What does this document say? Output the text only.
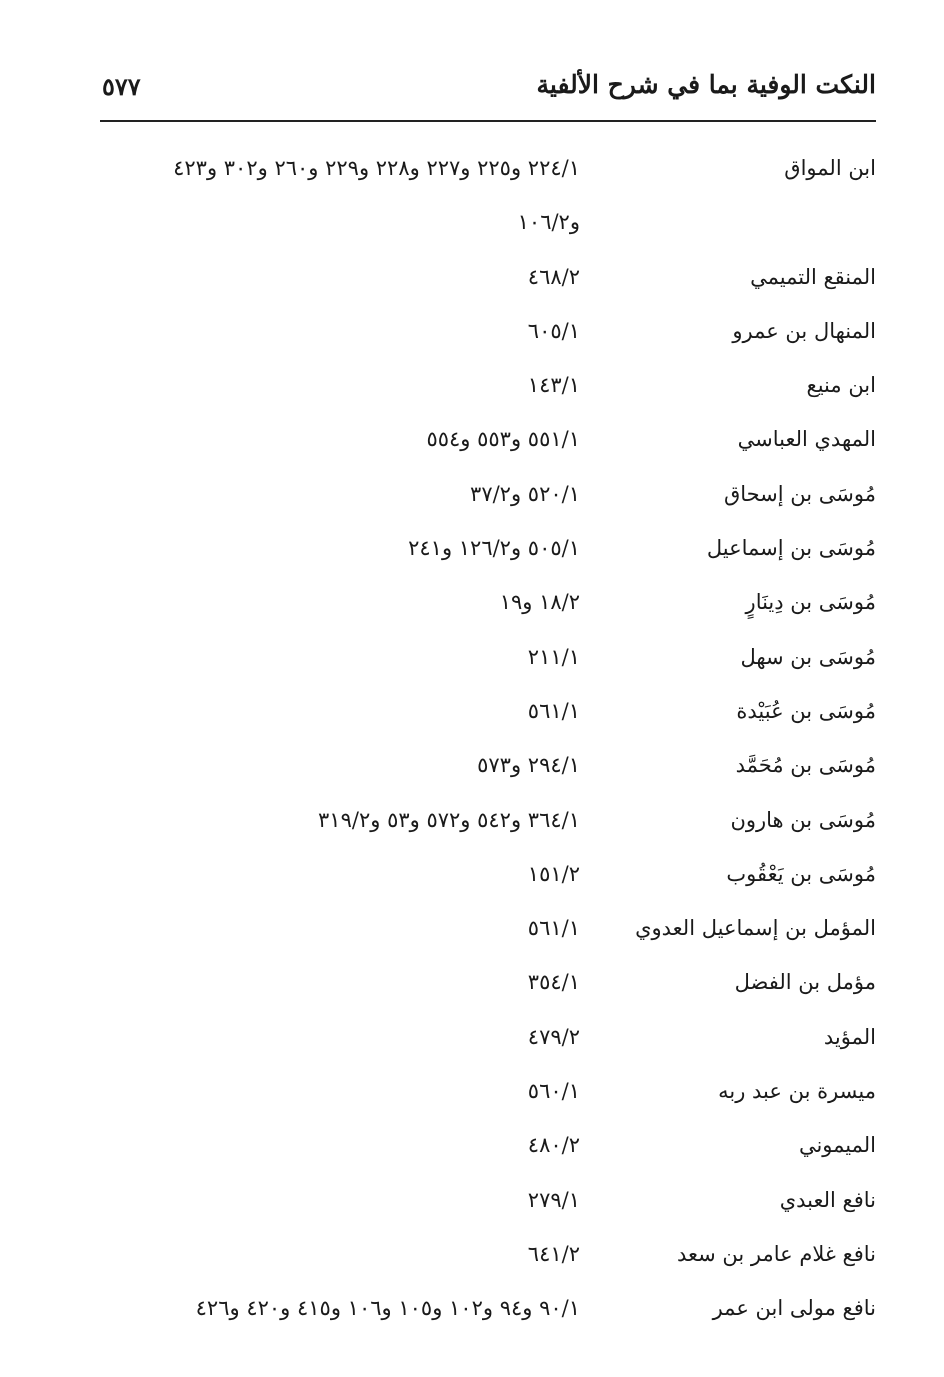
النكت الوفية بما في شرح الألفية
٥٧٧
ابن المواق
٢٢٤/١ و٢٢٥ و٢٢٧ و٢٢٨ و٢٢٩ و٢٦٠ و٣٠٢ و٤٢٣
و١٠٦/٢
المنقع التميمي
٤٦٨/٢
المنهال بن عمرو
٦٠٥/١
ابن منيع
١٤٣/١
المهدي العباسي
٥٥١/١ و٥٥٣ و٥٥٤
مُوسَى بن إسحاق
٥٢٠/١ و٣٧/٢
مُوسَى بن إسماعيل
٥٠٥/١ و١٢٦/٢ و٢٤١
مُوسَى بن دِينَارٍ
١٨/٢ و١٩
مُوسَى بن سهل
٢١١/١
مُوسَى بن عُبَيْدة
٥٦١/١
مُوسَى بن مُحَمَّد
٢٩٤/١ و٥٧٣
مُوسَى بن هارون
٣٦٤/١ و٥٤٢ و٥٧٢ و٥٣ و٣١٩/٢
مُوسَى بن يَعْقُوب
١٥١/٢
المؤمل بن إسماعيل العدوي
٥٦١/١
مؤمل بن الفضل
٣٥٤/١
المؤيد
٤٧٩/٢
ميسرة بن عبد ربه
٥٦٠/١
الميموني
٤٨٠/٢
نافع العبدي
٢٧٩/١
نافع غلام عامر بن سعد
٦٤١/٢
نافع مولى ابن عمر
٩٠/١ و٩٤ و١٠٢ و١٠٥ و١٠٦ و٤١٥ و٤٢٠ و٤٢٦
